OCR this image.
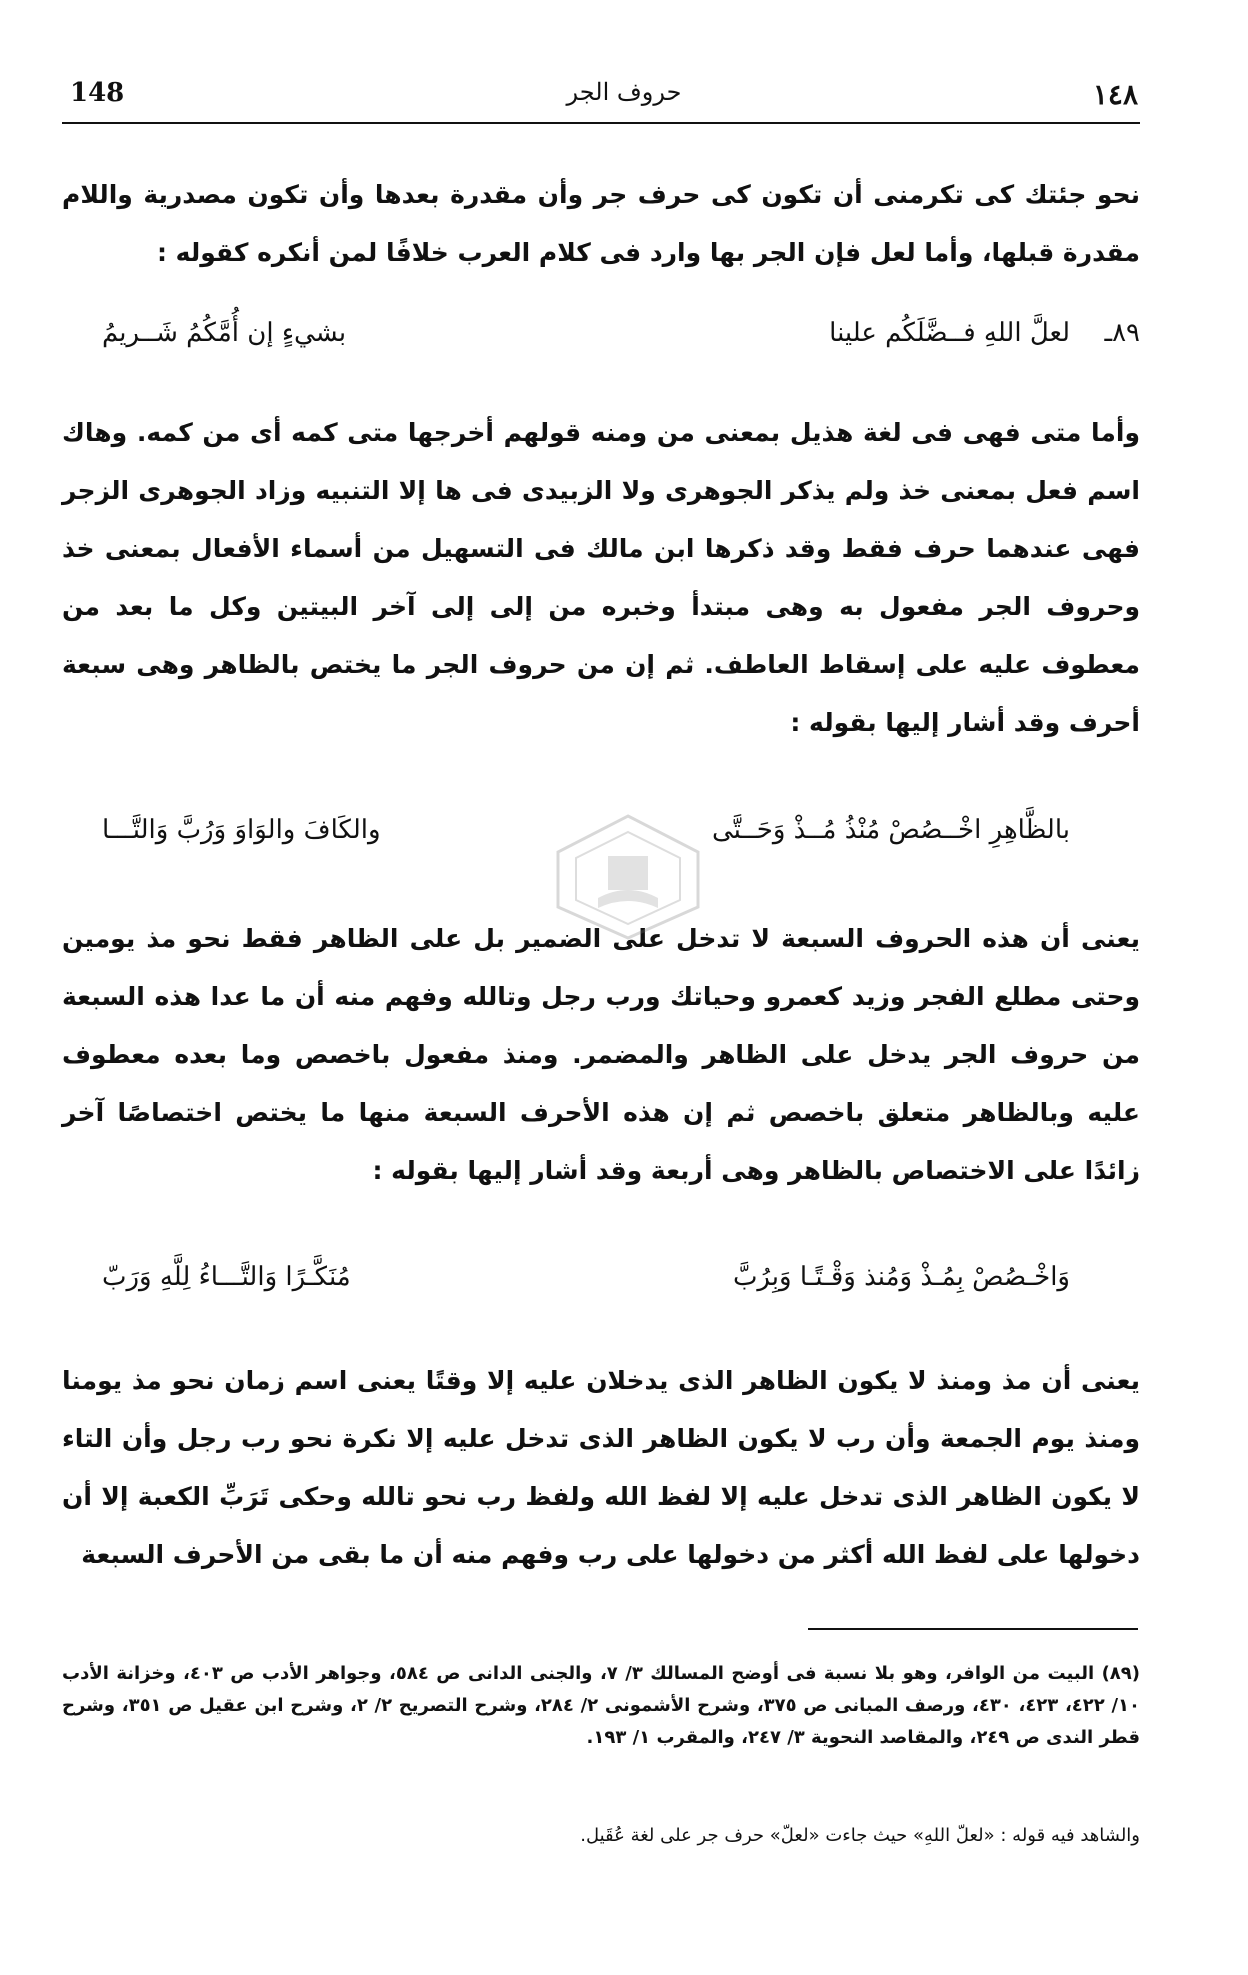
١٤٨
حروف الجر
148
نحو جئتك كى تكرمنى أن تكون كى حرف جر وأن مقدرة بعدها وأن تكون مصدرية واللام مقدرة قبلها، وأما لعل فإن الجر بها وارد فى كلام العرب خلافًا لمن أنكره كقوله :
٨٩ـ
لعلَّ اللهِ فــضَّلَكُم علينا
بشيءٍ إن أُمَّكُمُ شَــريمُ
وأما متى فهى فى لغة هذيل بمعنى من ومنه قولهم أخرجها متى كمه أى من كمه. وهاك اسم فعل بمعنى خذ ولم يذكر الجوهرى ولا الزبيدى فى ها إلا التنبيه وزاد الجوهرى الزجر فهى عندهما حرف فقط وقد ذكرها ابن مالك فى التسهيل من أسماء الأفعال بمعنى خذ وحروف الجر مفعول به وهى مبتدأ وخبره من إلى إلى آخر البيتين وكل ما بعد من معطوف عليه على إسقاط العاطف. ثم إن من حروف الجر ما يختص بالظاهر وهى سبعة أحرف وقد أشار إليها بقوله :
بالظَّاهِرِ اخْــصُصْ مُنْذُ مُــذْ وَحَــتَّى
والكَافَ والوَاوَ وَرُبَّ وَالتَّـــا
يعنى أن هذه الحروف السبعة لا تدخل على الضمير بل على الظاهر فقط نحو مذ يومين وحتى مطلع الفجر وزيد كعمرو وحياتك ورب رجل وتالله وفهم منه أن ما عدا هذه السبعة من حروف الجر يدخل على الظاهر والمضمر. ومنذ مفعول باخصص وما بعده معطوف عليه وبالظاهر متعلق باخصص ثم إن هذه الأحرف السبعة منها ما يختص اختصاصًا آخر زائدًا على الاختصاص بالظاهر وهى أربعة وقد أشار إليها بقوله :
وَاخْـصُصْ بِمُـذْ وَمُنذ وَقْـتًـا وَبِرُبَّ
مُنَكَّـرًا وَالتَّـــاءُ لِلَّهِ وَرَبّ
يعنى أن مذ ومنذ لا يكون الظاهر الذى يدخلان عليه إلا وقتًا يعنى اسم زمان نحو مذ يومنا ومنذ يوم الجمعة وأن رب لا يكون الظاهر الذى تدخل عليه إلا نكرة نحو رب رجل وأن التاء لا يكون الظاهر الذى تدخل عليه إلا لفظ الله ولفظ رب نحو تالله وحكى تَرَبِّ الكعبة إلا أن دخولها على لفظ الله أكثر من دخولها على رب وفهم منه أن ما بقى من الأحرف السبعة
(٨٩) البيت من الوافر، وهو بلا نسبة فى أوضح المسالك ٣/ ٧، والجنى الدانى ص ٥٨٤، وجواهر الأدب ص ٤٠٣، وخزانة الأدب ١٠/ ٤٢٢، ٤٢٣، ٤٣٠، ورصف المبانى ص ٣٧٥، وشرح الأشمونى ٢/ ٢٨٤، وشرح التصريح ٢/ ٢، وشرح ابن عقيل ص ٣٥١، وشرح قطر الندى ص ٢٤٩، والمقاصد النحوية ٣/ ٢٤٧، والمقرب ١/ ١٩٣.
والشاهد فيه قوله : «لعلّ اللهِ» حيث جاءت «لعلّ» حرف جر على لغة عُقَيل.
